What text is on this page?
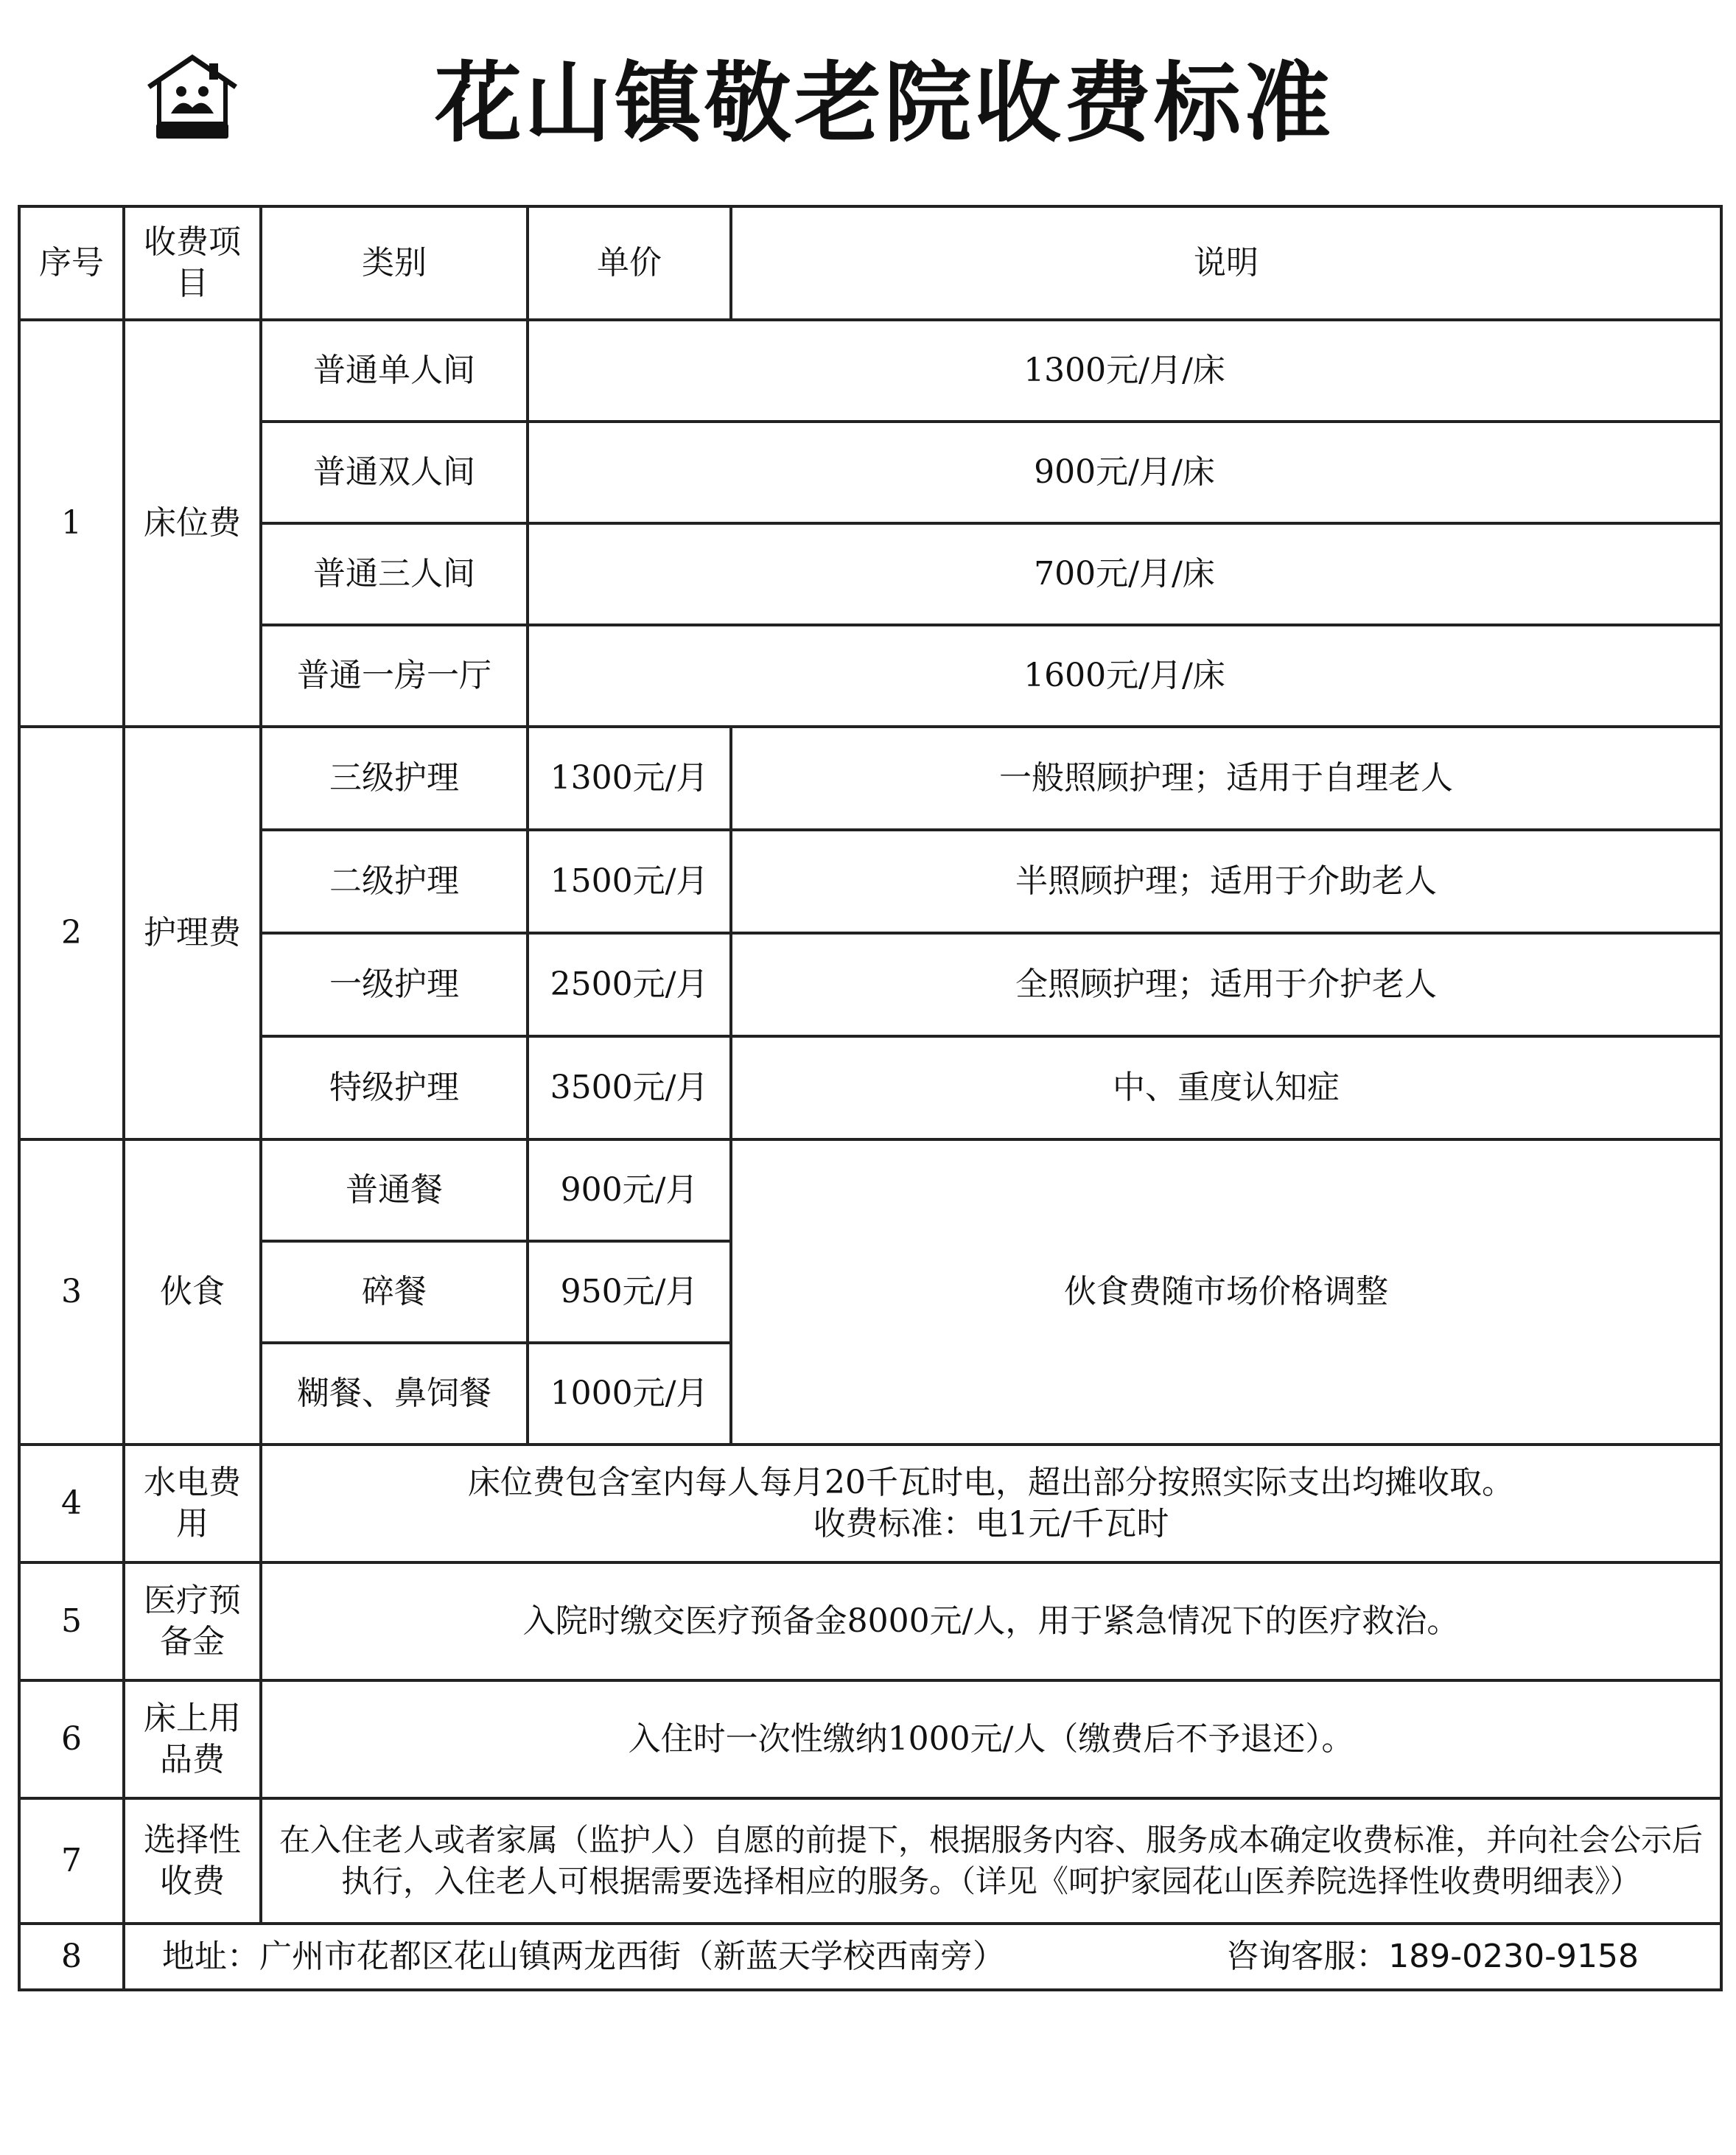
花山镇敬老院收费标准
序号	收费项目	类别	单价	说明
1	床位费	普通单人间	1300元/月/床	
		普通双人间	900元/月/床	
		普通三人间	700元/月/床	
		普通一房一厅	1600元/月/床	
2	护理费	三级护理	1300元/月	一般照顾护理；适用于自理老人
		二级护理	1500元/月	半照顾护理；适用于介助老人
		一级护理	2500元/月	全照顾护理；适用于介护老人
		特级护理	3500元/月	中、重度认知症
3	伙食	普通餐	900元/月	伙食费随市场价格调整
		碎餐	950元/月	
		糊餐、鼻饲餐	1000元/月	
4	水电费用	床位费包含室内每人每月20千瓦时电，超出部分按照实际支出均摊收取。
收费标准：电1元/千瓦时		

5	医疗预备金	入院时缴交医疗预备金8000元/人，用于紧急情况下的医疗救治。		
6	床上用品费	入住时一次性缴纳1000元/人（缴费后不予退还）。		
7	选择性收费	在入住老人或者家属（监护人）自愿的前提下，根据服务内容、服务成本确定收费标准，并向社会公示后执行，入住老人可根据需要选择相应的服务。（详见《呵护家园花山医养院选择性收费明细表》）		
8	地址：广州市花都区花山镇两龙西街（新蓝天学校西南旁） 咨询客服：189-0230-9158			
